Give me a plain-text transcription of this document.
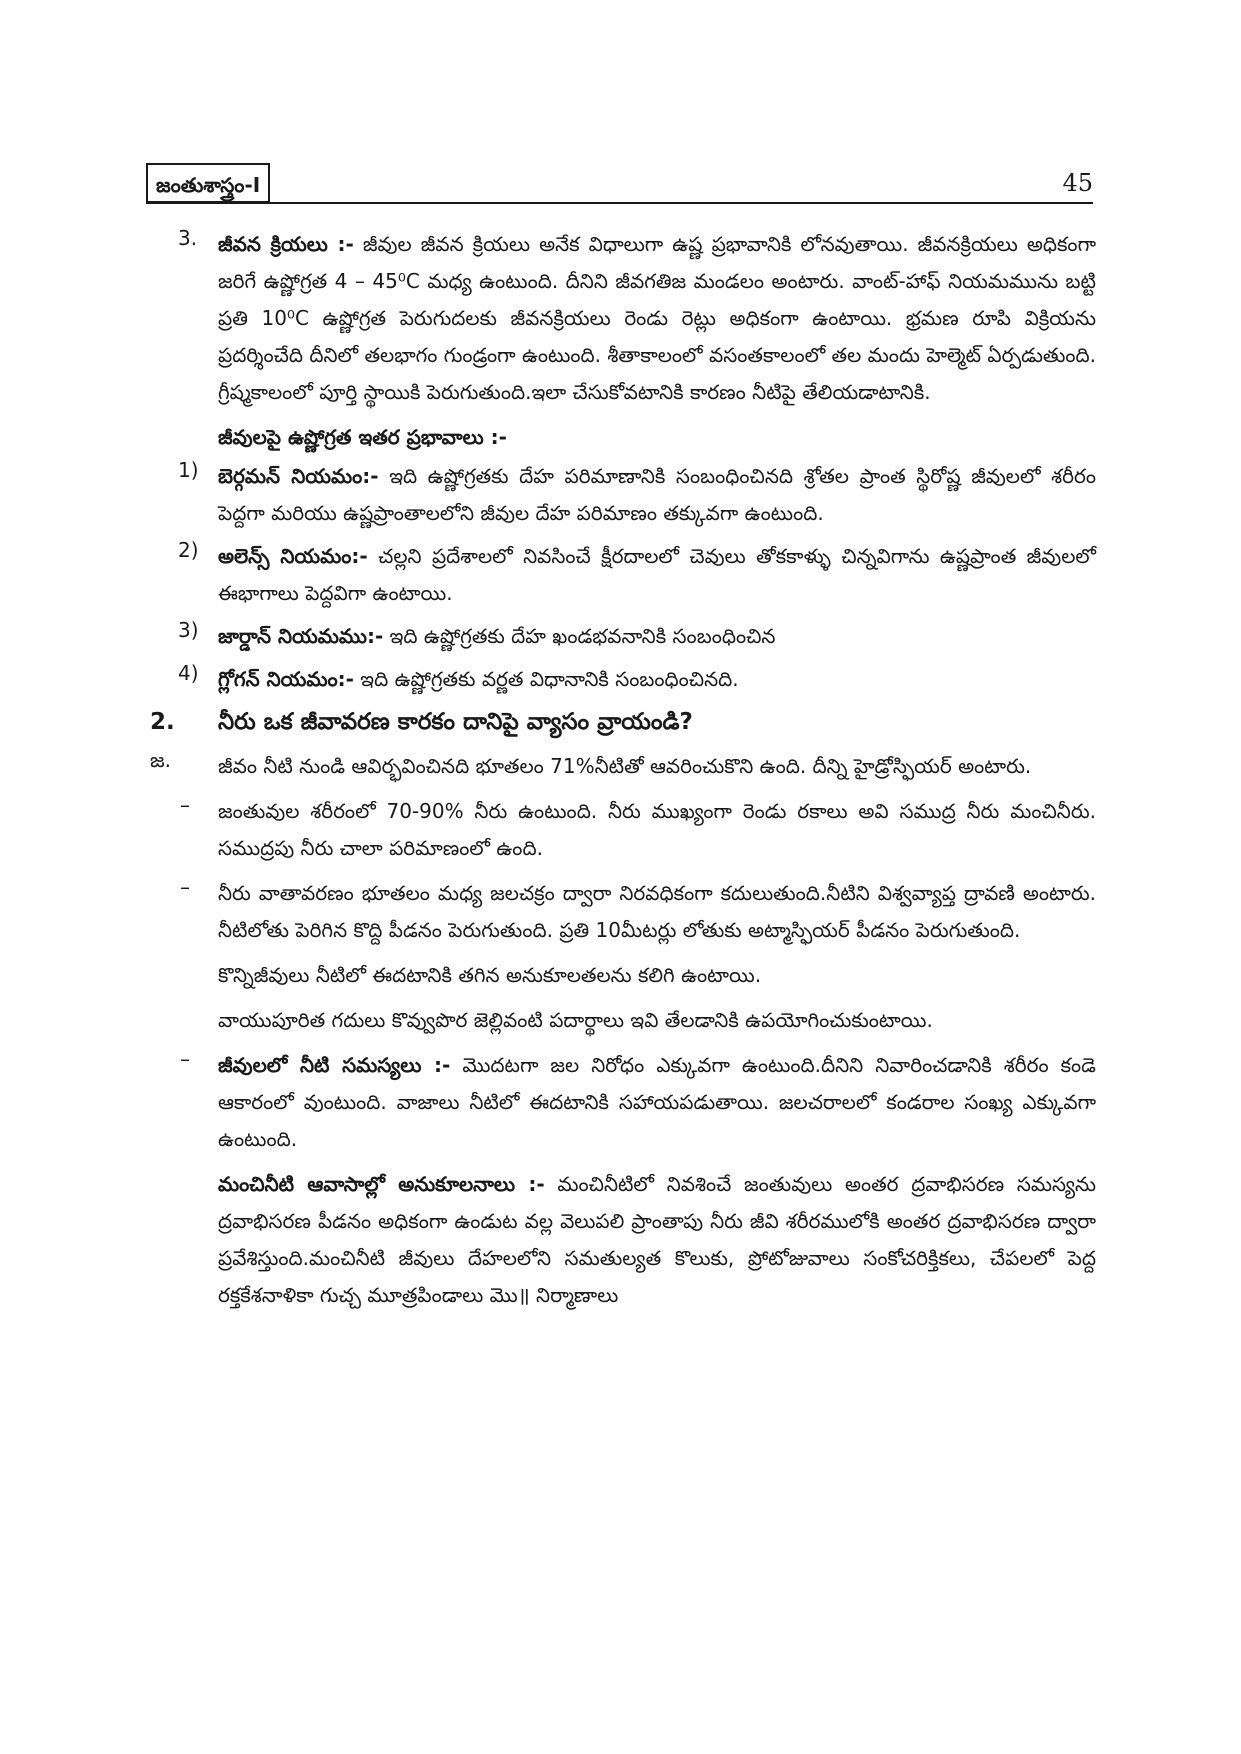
జంతుశాస్త్రం-I	45
3. జీవన క్రియలు :- జీవుల జీవన క్రియలు అనేక విధాలుగా ఉష్ణ ప్రభావానికి లోనవుతాయి. జీవనక్రియలు అధికంగా జరిగే ఉష్ణోగ్రత 4 – 45⁰C మధ్య ఉంటుంది. దీనిని జీవగతిజ మండలం అంటారు. వాంట్-హాఫ్ నియమమును బట్టి ప్రతి 10⁰C ఉష్ణోగ్రత పెరుగుదలకు జీవనక్రియలు రెండు రెట్లు అధికంగా ఉంటాయి. భ్రమణ రూపి విక్రియను ప్రదర్శించేది దీనిలో తలభాగం గుండ్రంగా ఉంటుంది. శీతాకాలంలో వసంతకాలంలో తల మందు హెల్మెట్ ఏర్పడుతుంది. గ్రీష్మకాలంలో పూర్తి స్థాయికి పెరుగుతుంది.ఇలా చేసుకోవటానికి కారణం నీటిపై తేలియడాటానికి.
జీవులపై ఉష్ణోగ్రత ఇతర ప్రభావాలు :-
1) బెర్గమన్ నియమం:- ఇది ఉష్ణోగ్రతకు దేహ పరిమాణానికి సంబంధించినది శ్రోతల ప్రాంత స్థిరోష్ణ జీవులలో శరీరం పెద్దగా మరియు ఉష్ణప్రాంతాలలోని జీవుల దేహ పరిమాణం తక్కువగా ఉంటుంది.
2) అలెన్స్ నియమం:- చల్లని ప్రదేశాలలో నివసించే క్షీరదాలలో చెవులు తోకకాళ్ళు చిన్నవిగాను ఉష్ణప్రాంత జీవులలో ఈభాగాలు పెద్దవిగా ఉంటాయి.
3) జార్డాన్ నియమము:- ఇది ఉష్ణోగ్రతకు దేహ ఖండభవనానికి సంబంధించిన
4) గ్లోగన్ నియమం:- ఇది ఉష్ణోగ్రతకు వర్ణత విధానానికి సంబంధించినది.
2. నీరు ఒక జీవావరణ కారకం దానిపై వ్యాసం వ్రాయండి?
జ. జీవం నీటి నుండి ఆవిర్భవించినది భూతలం 71%నీటితో ఆవరించుకొని ఉంది. దీన్ని హైడ్రోస్ఫియర్ అంటారు.
– జంతువుల శరీరంలో 70-90% నీరు ఉంటుంది. నీరు ముఖ్యంగా రెండు రకాలు అవి సముద్ర నీరు మంచినీరు. సముద్రపు నీరు చాలా పరిమాణంలో ఉంది.
– నీరు వాతావరణం భూతలం మధ్య జలచక్రం ద్వారా నిరవధికంగా కదులుతుంది.నీటిని విశ్వవ్యాప్త ద్రావణి అంటారు. నీటిలోతు పెరిగిన కొద్ది పీడనం పెరుగుతుంది. ప్రతి 10మీటర్లు లోతుకు అట్మాస్ఫియర్ పీడనం పెరుగుతుంది.
కొన్నిజీవులు నీటిలో ఈదటానికి తగిన అనుకూలతలను కలిగి ఉంటాయి.
వాయుపూరిత గదులు కొవ్వుపొర జెల్లివంటి పదార్థాలు ఇవి తేలడానికి ఉపయోగించుకుంటాయి.
– జీవులలో నీటి సమస్యలు :- మొదటగా జల నిరోధం ఎక్కువగా ఉంటుంది.దీనిని నివారించడానికి శరీరం కండె ఆకారంలో వుంటుంది. వాజాలు నీటిలో ఈదటానికి సహాయపడుతాయి. జలచరాలలో కండరాల సంఖ్య ఎక్కువగా ఉంటుంది.
మంచినీటి ఆవాసాల్లో అనుకూలనాలు :- మంచినీటిలో నివశించే జంతువులు అంతర ద్రవాభిసరణ సమస్యను ద్రవాభిసరణ పీడనం అధికంగా ఉండుట వల్ల వెలుపలి ప్రాంతాపు నీరు జీవి శరీరములోకి అంతర ద్రవాభిసరణ ద్వారా ప్రవేశిస్తుంది.మంచినీటి జీవులు దేహలలోని సమతుల్యత కొలుకు, ప్రోటోజువాలు సంకోచరిక్తికలు, చేపలలో పెద్ద రక్తకేశనాళికా గుచ్చ మూత్రపిండాలు మొ॥ నిర్మాణాలు
